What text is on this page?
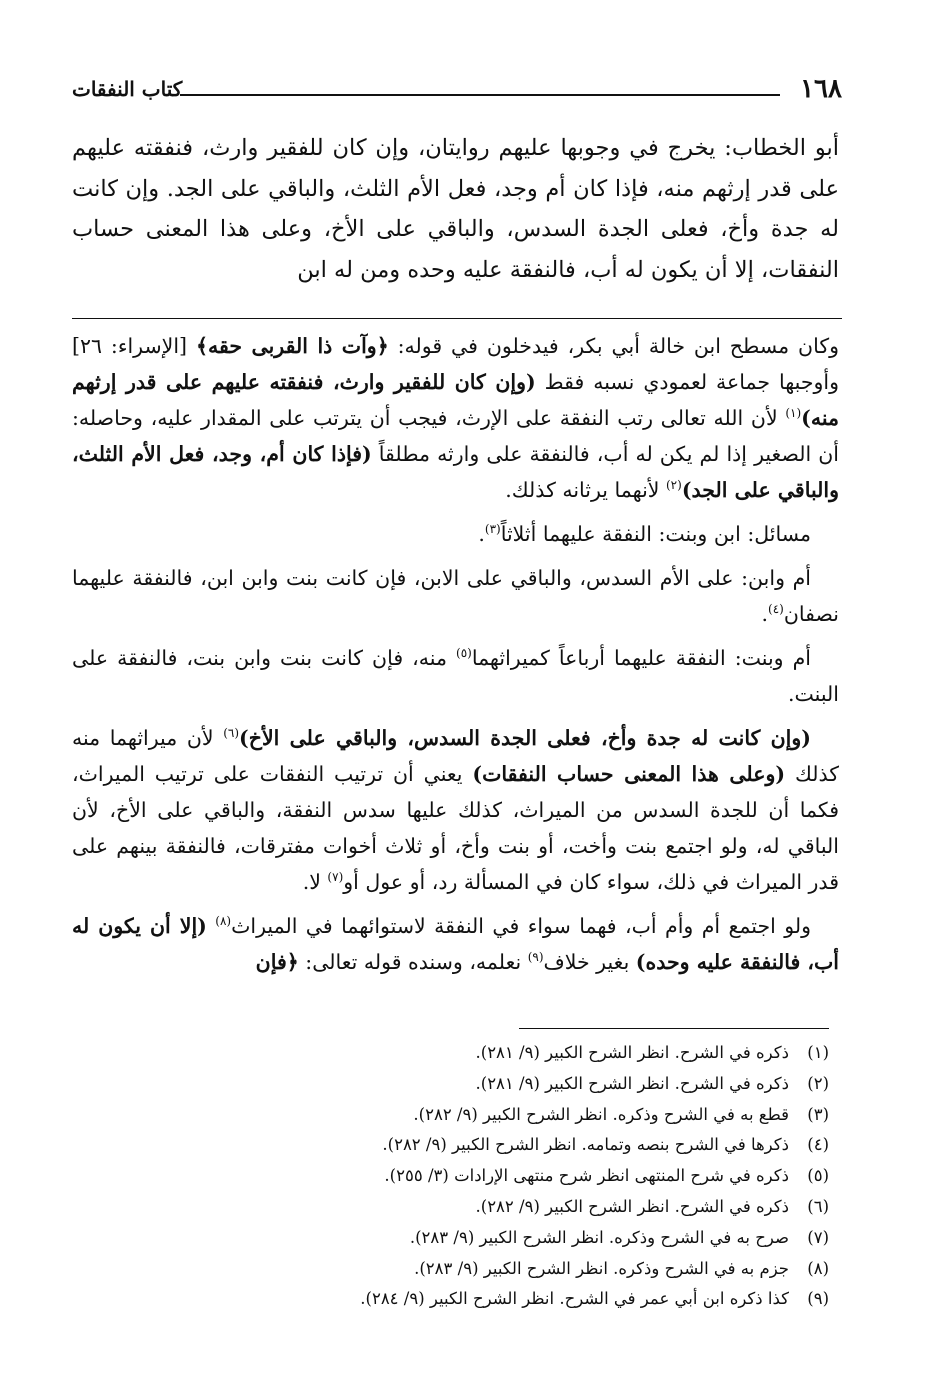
١٦٨
كتاب النفقات

أبو الخطاب: يخرج في وجوبها عليهم روايتان، وإن كان للفقير وارث، فنفقته عليهم على قدر إرثهم منه، فإذا كان أم وجد، فعل الأم الثلث، والباقي على الجد. وإن كانت له جدة وأخ، فعلى الجدة السدس، والباقي على الأخ، وعلى هذا المعنى حساب النفقات، إلا أن يكون له أب، فالنفقة عليه وحده ومن له ابن

وكان مسطح ابن خالة أبي بكر، فيدخلون في قوله: ﴿وآت ذا القربى حقه﴾ [الإسراء: ٢٦] وأوجبها جماعة لعمودي نسبه فقط (وإن كان للفقير وارث، فنفقته عليهم على قدر إرثهم منه)$^{(١)}$ لأن الله تعالى رتب النفقة على الإرث، فيجب أن يترتب على المقدار عليه، وحاصله: أن الصغير إذا لم يكن له أب، فالنفقة على وارثه مطلقاً (فإذا كان أم، وجد، فعل الأم الثلث، والباقي على الجد)$^{(٢)}$ لأنهما يرثانه كذلك.

مسائل: ابن وبنت: النفقة عليهما أثلاثاً$^{(٣)}$.

أم وابن: على الأم السدس، والباقي على الابن، فإن كانت بنت وابن ابن، فالنفقة عليهما نصفان$^{(٤)}$.

أم وبنت: النفقة عليهما أرباعاً كميراثهما$^{(٥)}$ منه، فإن كانت بنت وابن بنت، فالنفقة على البنت.

(وإن كانت له جدة وأخ، فعلى الجدة السدس، والباقي على الأخ)$^{(٦)}$ لأن ميراثهما منه كذلك (وعلى هذا المعنى حساب النفقات) يعني أن ترتيب النفقات على ترتيب الميراث، فكما أن للجدة السدس من الميراث، كذلك عليها سدس النفقة، والباقي على الأخ، لأن الباقي له، ولو اجتمع بنت وأخت، أو بنت وأخ، أو ثلاث أخوات مفترقات، فالنفقة بينهم على قدر الميراث في ذلك، سواء كان في المسألة رد، أو عول أو$^{(٧)}$ لا.

ولو اجتمع أم وأم أب، فهما سواء في النفقة لاستوائهما في الميراث$^{(٨)}$ (إلا أن يكون له أب، فالنفقة عليه وحده) بغير خلاف$^{(٩)}$ نعلمه، وسنده قوله تعالى: ﴿فإن

(١)ذكره في الشرح. انظر الشرح الكبير (٩/ ٢٨١).
(٢)ذكره في الشرح. انظر الشرح الكبير (٩/ ٢٨١).
(٣)قطع به في الشرح وذكره. انظر الشرح الكبير (٩/ ٢٨٢).
(٤)ذكرها في الشرح بنصه وتمامه. انظر الشرح الكبير (٩/ ٢٨٢).
(٥)ذكره في شرح المنتهى انظر شرح منتهى الإرادات (٣/ ٢٥٥).
(٦)ذكره في الشرح. انظر الشرح الكبير (٩/ ٢٨٢).
(٧)صرح به في الشرح وذكره. انظر الشرح الكبير (٩/ ٢٨٣).
(٨)جزم به في الشرح وذكره. انظر الشرح الكبير (٩/ ٢٨٣).
(٩)كذا ذكره ابن أبي عمر في الشرح. انظر الشرح الكبير (٩/ ٢٨٤).
